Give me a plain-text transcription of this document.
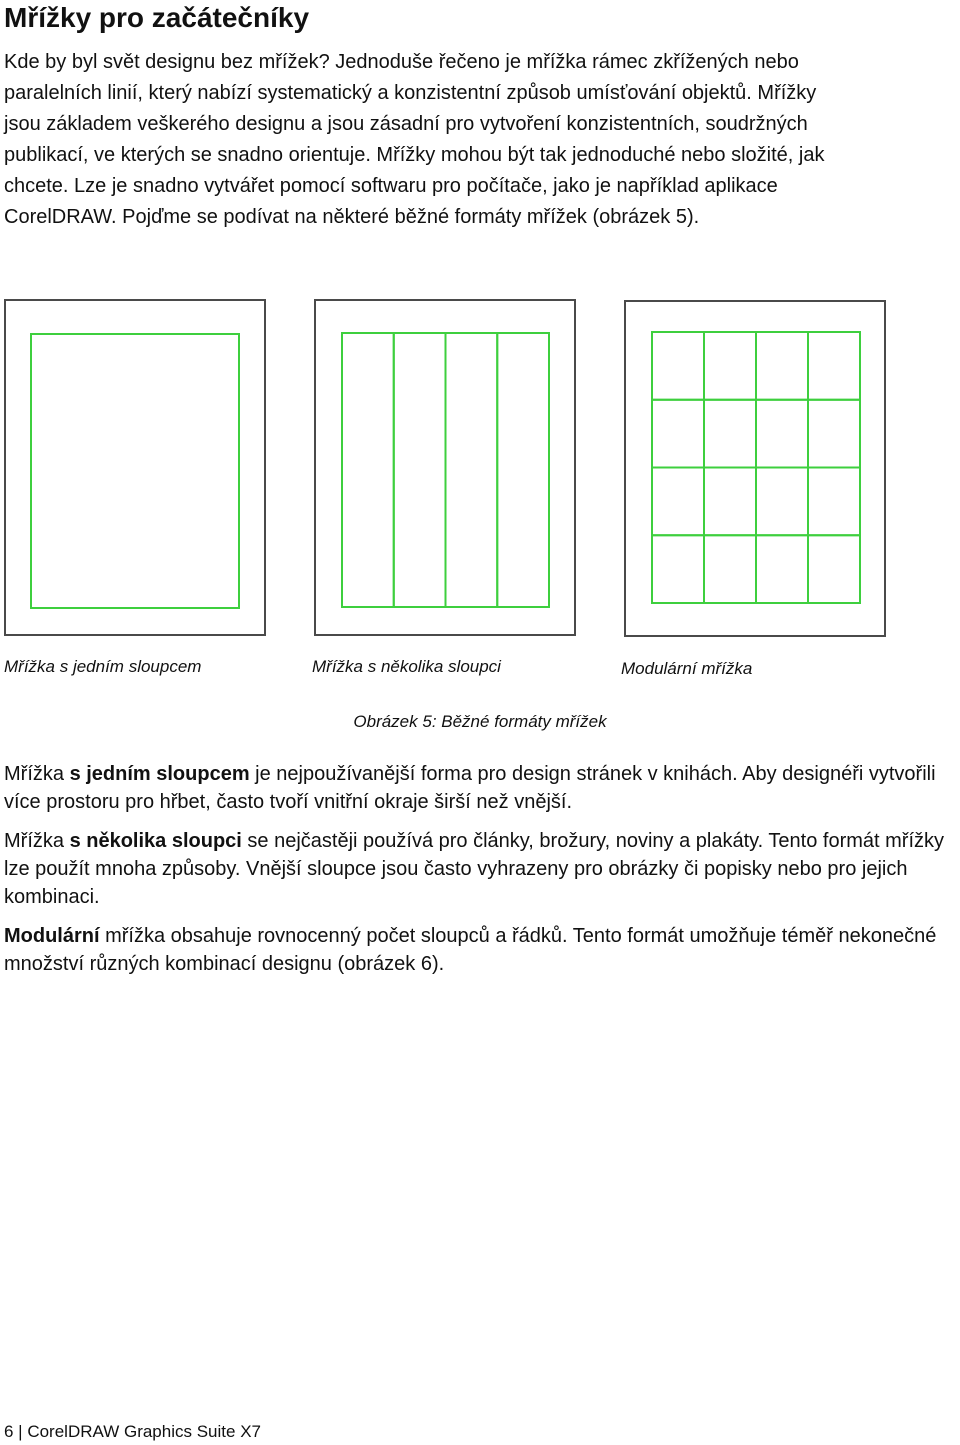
Mřížky pro začátečníky

Kde by byl svět designu bez mřížek? Jednoduše řečeno je mřížka rámec zkřížených nebo
paralelních linií, který nabízí systematický a konzistentní způsob umísťování objektů. Mřížky
jsou základem veškerého designu a jsou zásadní pro vytvoření konzistentních, soudržných
publikací, ve kterých se snadno orientuje. Mřížky mohou být tak jednoduché nebo složité, jak
chcete. Lze je snadno vytvářet pomocí softwaru pro počítače, jako je například aplikace
CorelDRAW. Pojďme se podívat na některé běžné formáty mřížek (obrázek 5).

Mřížka s jedním sloupcem	Mřížka s několika sloupci	Modulární mřížka
Obrázek 5: Běžné formáty mřížek

Mřížka s jedním sloupcem je nejpoužívanější forma pro design stránek v knihách. Aby designéři vytvořili více prostoru pro hřbet, často tvoří vnitřní okraje širší než vnější.

Mřížka s několika sloupci se nejčastěji používá pro články, brožury, noviny a plakáty. Tento formát mřížky lze použít mnoha způsoby. Vnější sloupce jsou často vyhrazeny pro obrázky či popisky nebo pro jejich kombinaci.

Modulární mřížka obsahuje rovnocenný počet sloupců a řádků. Tento formát umožňuje téměř nekonečné množství různých kombinací designu (obrázek 6).

6 | CorelDRAW Graphics Suite X7
